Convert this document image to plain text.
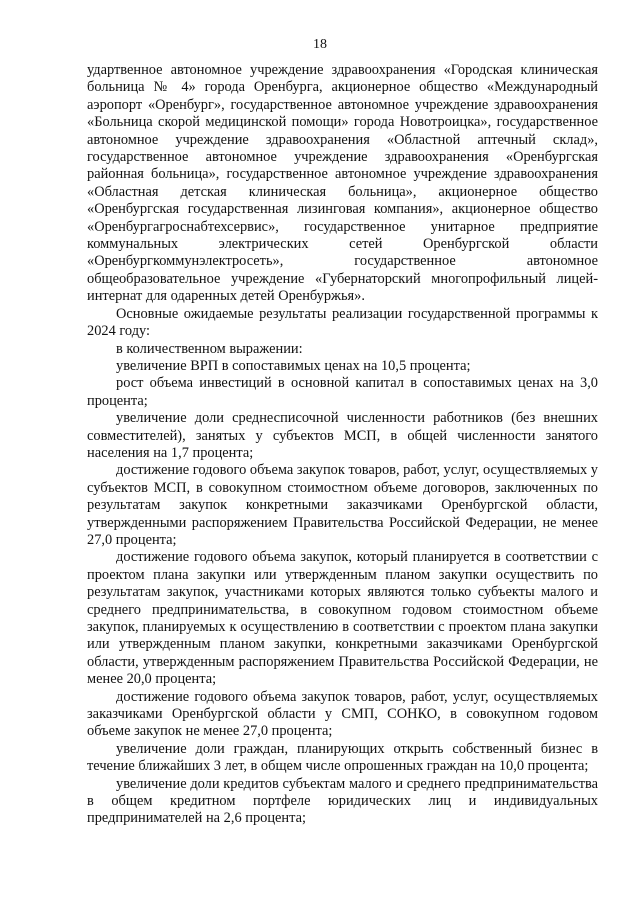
18

удартвенное автономное учреждение здравоохранения «Городская клиническая больница № 4» города Оренбурга, акционерное общество «Международный аэропорт «Оренбург», государственное автономное учреждение здравоохранения «Больница скорой медицинской помощи» города Новотроицка», государственное автономное учреждение здравоохранения «Областной аптечный склад», государственное автономное учреждение здравоохранения «Оренбургская районная больница», государственное автономное учреждение здравоохранения «Областная детская клиническая больница», акционерное общество «Оренбургская государственная лизинговая компания», акционерное общество «Оренбургагроснабтехсервис», государственное унитарное предприятие коммунальных электрических сетей Оренбургской области «Оренбургкоммунэлектросеть», государственное автономное общеобразовательное учреждение «Губернаторский многопрофильный лицей-интернат для одаренных детей Оренбуржья».

Основные ожидаемые результаты реализации государственной программы к 2024 году:

в количественном выражении:

увеличение ВРП в сопоставимых ценах на 10,5 процента;

рост объема инвестиций в основной капитал в сопоставимых ценах на 3,0 процента;

увеличение доли среднесписочной численности работников (без внешних совместителей), занятых у субъектов МСП, в общей численности занятого населения на 1,7 процента;

достижение годового объема закупок товаров, работ, услуг, осуществляемых у субъектов МСП, в совокупном стоимостном объеме договоров, заключенных по результатам закупок конкретными заказчиками Оренбургской области, утвержденными распоряжением Правительства Российской Федерации, не менее 27,0 процента;

достижение годового объема закупок, который планируется в соответствии с проектом плана закупки или утвержденным планом закупки осуществить по результатам закупок, участниками которых являются только субъекты малого и среднего предпринимательства, в совокупном годовом стоимостном объеме закупок, планируемых к осуществлению в соответствии с проектом плана закупки или утвержденным планом закупки, конкретными заказчиками Оренбургской области, утвержденным распоряжением Правительства Российской Федерации, не менее 20,0 процента;

достижение годового объема закупок товаров, работ, услуг, осуществляемых заказчиками Оренбургской области у СМП, СОНКО, в совокупном годовом объеме закупок не менее 27,0 процента;

увеличение доли граждан, планирующих открыть собственный бизнес в течение ближайших 3 лет, в общем числе опрошенных граждан на 10,0 процента;

увеличение доли кредитов субъектам малого и среднего предпринимательства в общем кредитном портфеле юридических лиц и индивидуальных предпринимателей на 2,6 процента;
